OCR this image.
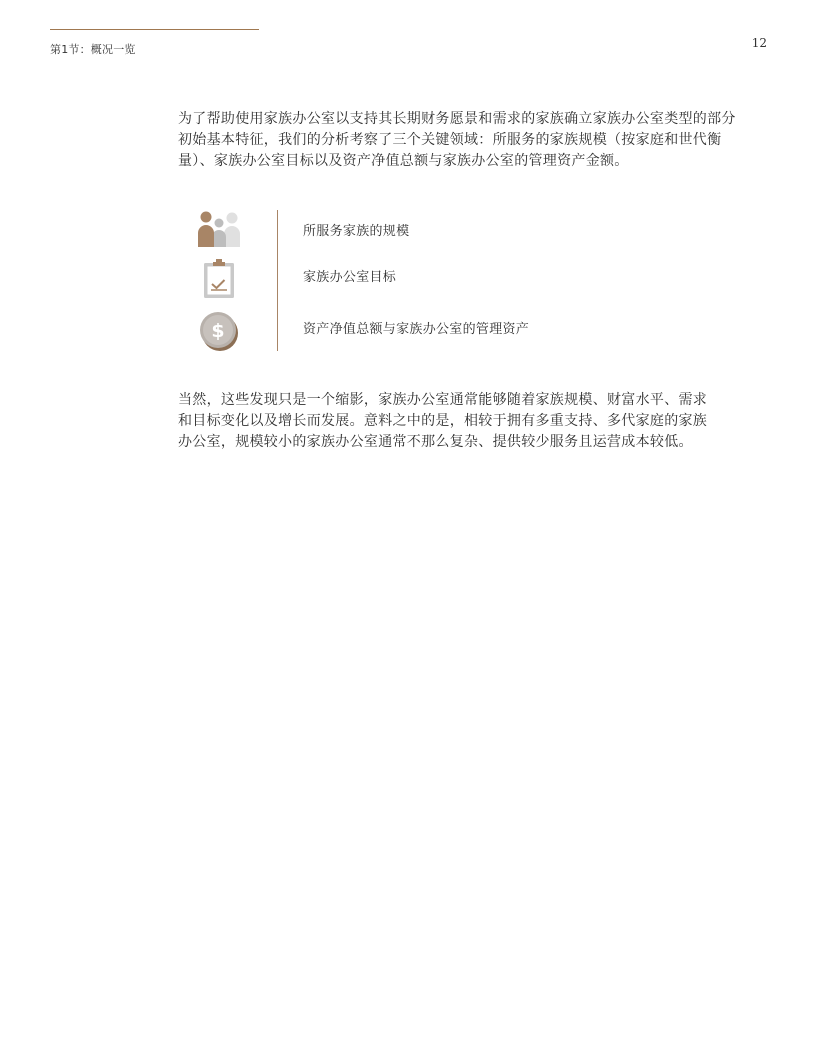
第1节：概况一览	12

为了帮助使用家族办公室以支持其长期财务愿景和需求的家族确立家族办公室类型的部分初始基本特征，我们的分析考察了三个关键领域：所服务的家族规模（按家庭和世代衡量）、家族办公室目标以及资产净值总额与家族办公室的管理资产金额。

所服务家族的规模
家族办公室目标
$	资产净值总额与家族办公室的管理资产

当然，这些发现只是一个缩影，家族办公室通常能够随着家族规模、财富水平、需求和目标变化以及增长而发展。意料之中的是，相较于拥有多重支持、多代家庭的家族办公室，规模较小的家族办公室通常不那么复杂、提供较少服务且运营成本较低。
